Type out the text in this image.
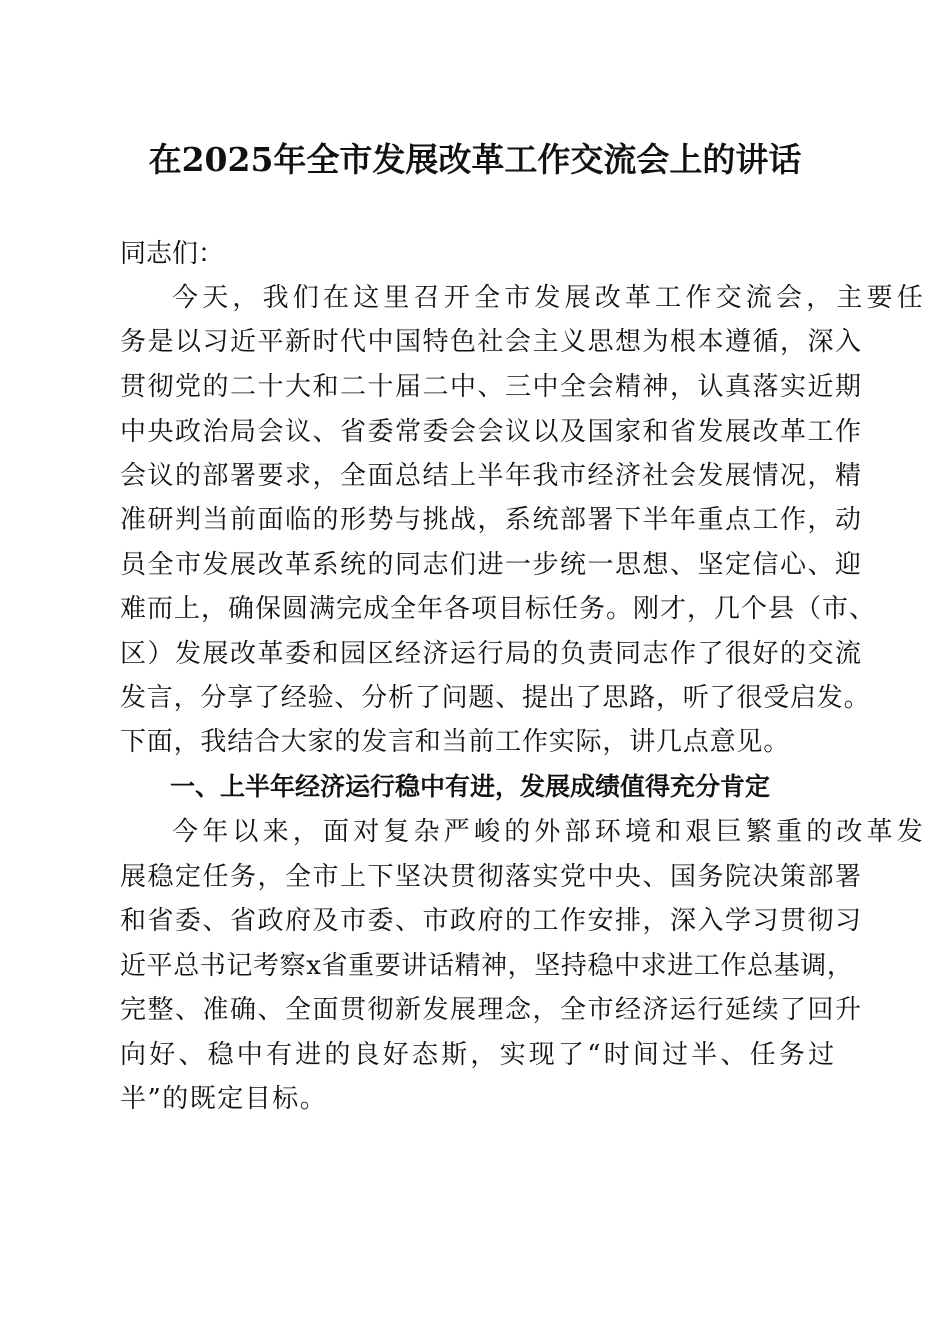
在2025年全市发展改革工作交流会上的讲话
同志们：
今天，我们在这里召开全市发展改革工作交流会，主要任
务是以习近平新时代中国特色社会主义思想为根本遵循，深入
贯彻党的二十大和二十届二中、三中全会精神，认真落实近期
中央政治局会议、省委常委会会议以及国家和省发展改革工作
会议的部署要求，全面总结上半年我市经济社会发展情况，精
准研判当前面临的形势与挑战，系统部署下半年重点工作，动
员全市发展改革系统的同志们进一步统一思想、坚定信心、迎
难而上，确保圆满完成全年各项目标任务。刚才，几个县（市、
区）发展改革委和园区经济运行局的负责同志作了很好的交流
发言，分享了经验、分析了问题、提出了思路，听了很受启发。
下面，我结合大家的发言和当前工作实际，讲几点意见。
一、上半年经济运行稳中有进，发展成绩值得充分肯定
今年以来，面对复杂严峻的外部环境和艰巨繁重的改革发
展稳定任务，全市上下坚决贯彻落实党中央、国务院决策部署
和省委、省政府及市委、市政府的工作安排，深入学习贯彻习
近平总书记考察x省重要讲话精神，坚持稳中求进工作总基调，
完整、准确、全面贯彻新发展理念，全市经济运行延续了回升
向好、稳中有进的良好态斯，实现了“时间过半、任务过
半”的既定目标。
